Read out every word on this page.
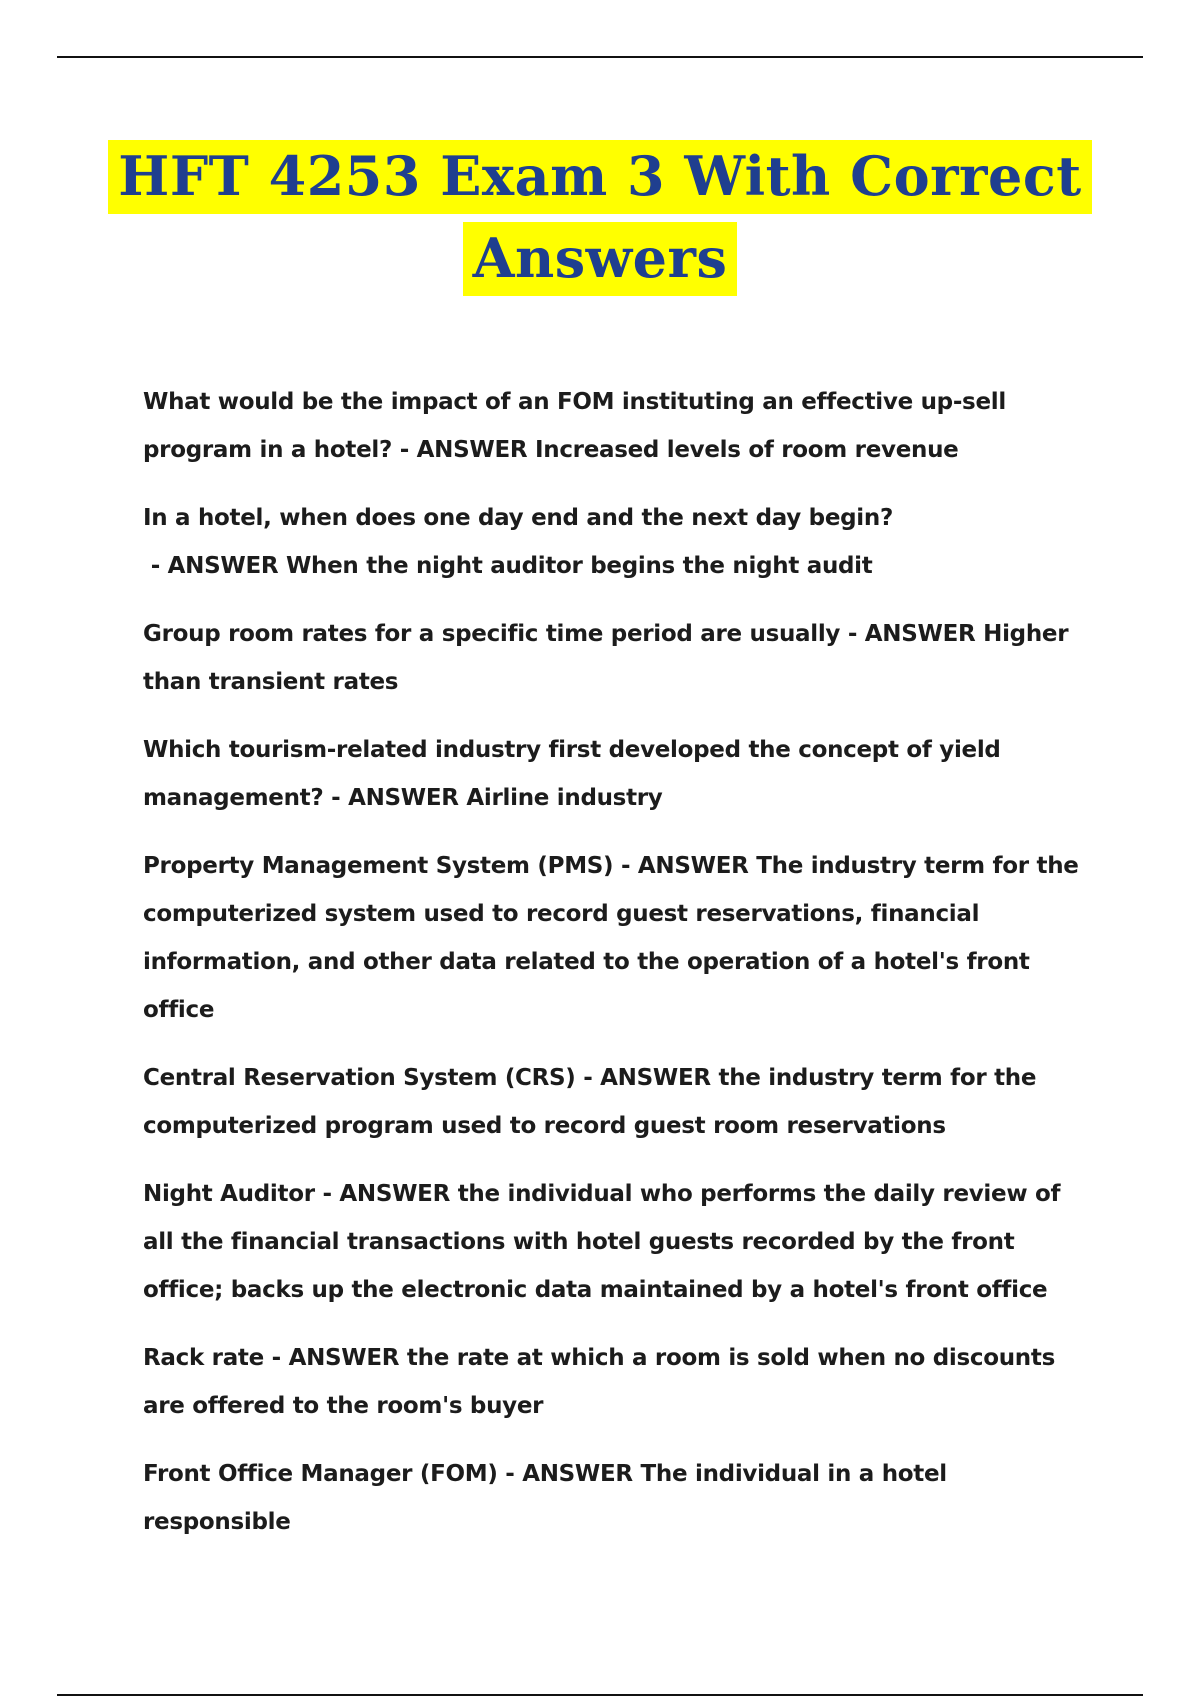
HFT 4253 Exam 3 With Correct
Answers

What would be the impact of an FOM instituting an effective up-sell program in a hotel? - ANSWER Increased levels of room revenue

In a hotel, when does one day end and the next day begin? - ANSWER When the night auditor begins the night audit

Group room rates for a specific time period are usually - ANSWER Higher than transient rates

Which tourism-related industry first developed the concept of yield management? - ANSWER Airline industry

Property Management System (PMS) - ANSWER The industry term for the computerized system used to record guest reservations, financial information, and other data related to the operation of a hotel's front office

Central Reservation System (CRS) - ANSWER the industry term for the computerized program used to record guest room reservations

Night Auditor - ANSWER the individual who performs the daily review of all the financial transactions with hotel guests recorded by the front office; backs up the electronic data maintained by a hotel's front office

Rack rate - ANSWER the rate at which a room is sold when no discounts are offered to the room's buyer

Front Office Manager (FOM) - ANSWER The individual in a hotel responsible
